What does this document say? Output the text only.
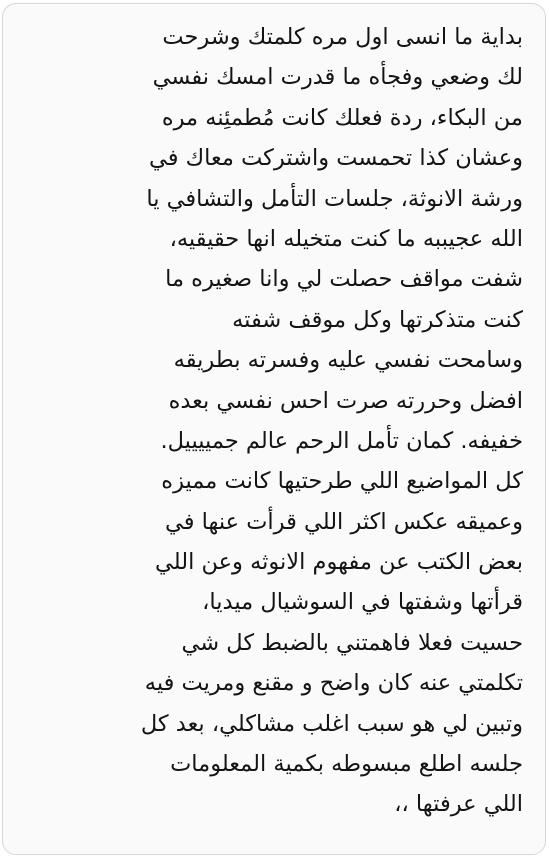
بداية ما انسى اول مره كلمتك وشرحت
لك وضعي وفجأه ما قدرت امسك نفسي
من البكاء، ردة فعلك كانت مُطمئِنه مره
وعشان كذا تحمست واشتركت معاك في
ورشة الانوثة، جلسات التأمل والتشافي يا
الله عجيببه ما كنت متخيله انها حقيقيه،
شفت مواقف حصلت لي وانا صغيره ما
كنت متذكرتها وكل موقف شفته
وسامحت نفسي عليه وفسرته بطريقه
افضل وحررته صرت احس نفسي بعده
خفيفه. كمان تأمل الرحم عالم جمييييل.
كل المواضيع اللي طرحتيها كانت مميزه
وعميقه عكس اكثر اللي قرأت عنها في
بعض الكتب عن مفهوم الانوثه وعن اللي
قرأتها وشفتها في السوشيال ميديا،
حسيت فعلا فاهمتني بالضبط كل شي
تكلمتي عنه كان واضح و مقنع ومريت فيه
وتبين لي هو سبب اغلب مشاكلي، بعد كل
جلسه اطلع مبسوطه بكمية المعلومات
اللي عرفتها ،،
